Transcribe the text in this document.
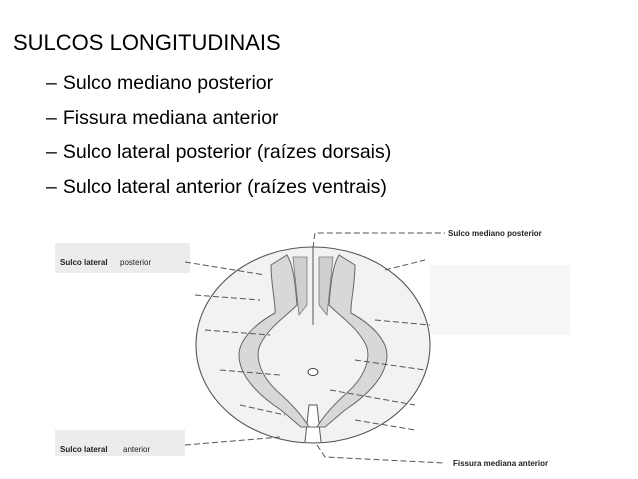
SULCOS LONGITUDINAIS
– Sulco mediano posterior
– Fissura mediana anterior
– Sulco lateral posterior (raízes dorsais)
– Sulco lateral anterior (raízes ventrais)
Sulco mediano posterior
Sulco lateral posterior
Sulco lateral anterior
Fissura mediana anterior
